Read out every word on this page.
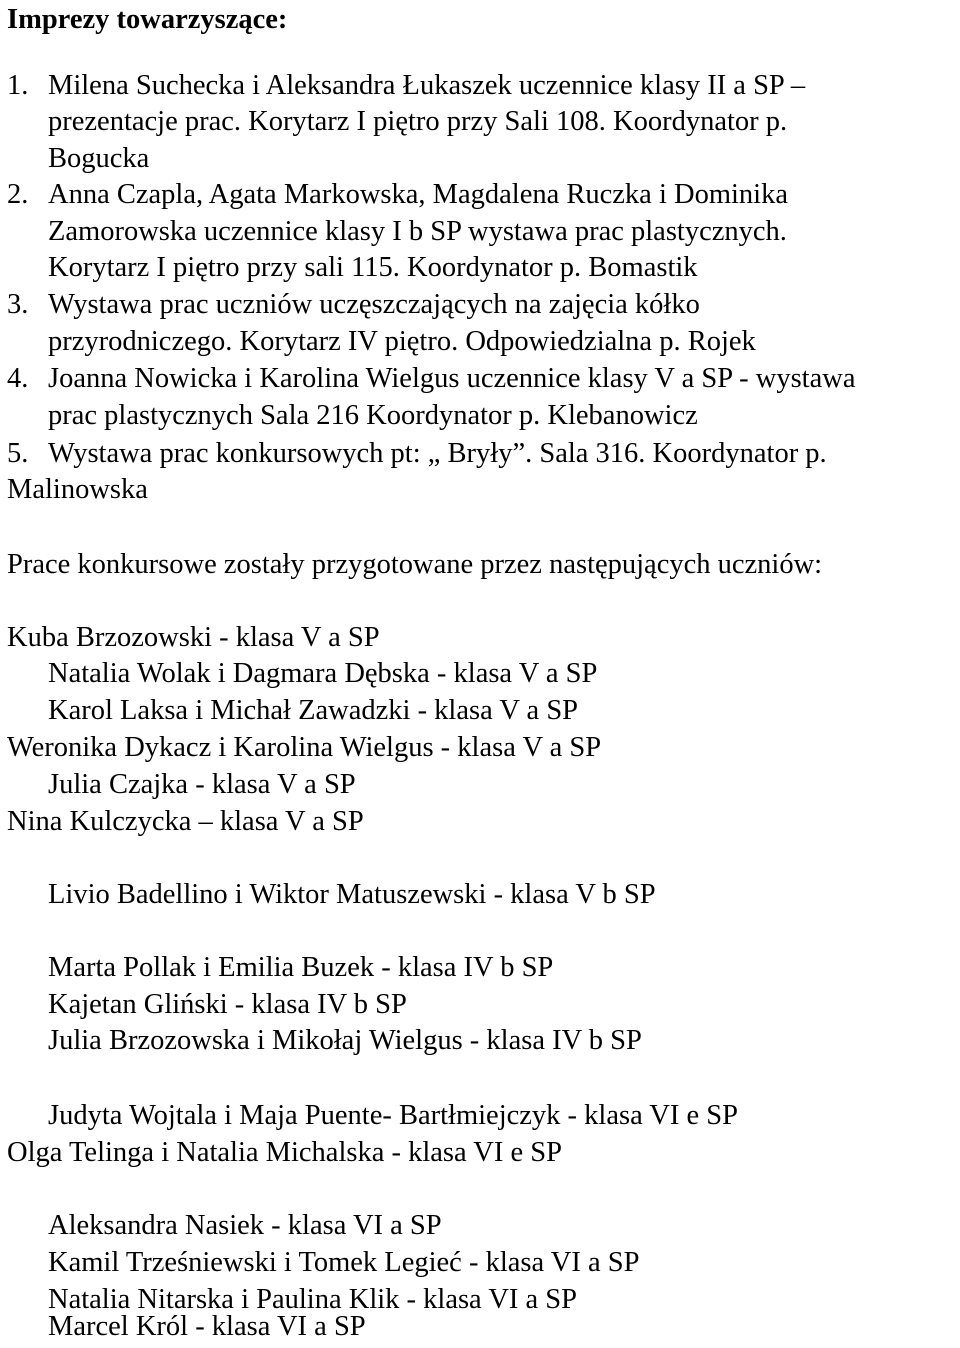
Imprezy towarzyszące:
1. Milena Suchecka i Aleksandra Łukaszek uczennice klasy II a SP –
prezentacje prac. Korytarz I piętro przy Sali 108. Koordynator p.
Bogucka
2. Anna Czapla, Agata Markowska, Magdalena Ruczka i Dominika
Zamorowska uczennice klasy I b SP wystawa prac plastycznych.
Korytarz I piętro przy sali 115. Koordynator p. Bomastik
3. Wystawa prac uczniów uczęszczających na zajęcia kółko
przyrodniczego. Korytarz IV piętro. Odpowiedzialna p. Rojek
4. Joanna Nowicka i Karolina Wielgus uczennice klasy V a SP - wystawa
prac plastycznych Sala 216 Koordynator p. Klebanowicz
5. Wystawa prac konkursowych pt: „ Bryły”. Sala 316. Koordynator p.
Malinowska
Prace konkursowe zostały przygotowane przez następujących uczniów:
Kuba Brzozowski - klasa V a SP
Natalia Wolak i Dagmara Dębska - klasa V a SP
Karol Laksa i Michał Zawadzki - klasa V a SP
Weronika Dykacz i Karolina Wielgus - klasa V a SP
Julia Czajka - klasa V a SP
Nina Kulczycka – klasa V a SP
Livio Badellino i Wiktor Matuszewski - klasa V b SP
Marta Pollak i Emilia Buzek - klasa IV b SP
Kajetan Gliński - klasa IV b SP
Julia Brzozowska i Mikołaj Wielgus - klasa IV b SP
Judyta Wojtala i Maja Puente- Bartłmiejczyk - klasa VI e SP
Olga Telinga i Natalia Michalska - klasa VI e SP
Aleksandra Nasiek - klasa VI a SP
Kamil Trześniewski i Tomek Legieć - klasa VI a SP
Natalia Nitarska i Paulina Klik - klasa VI a SP
Marcel Król - klasa VI a SP
